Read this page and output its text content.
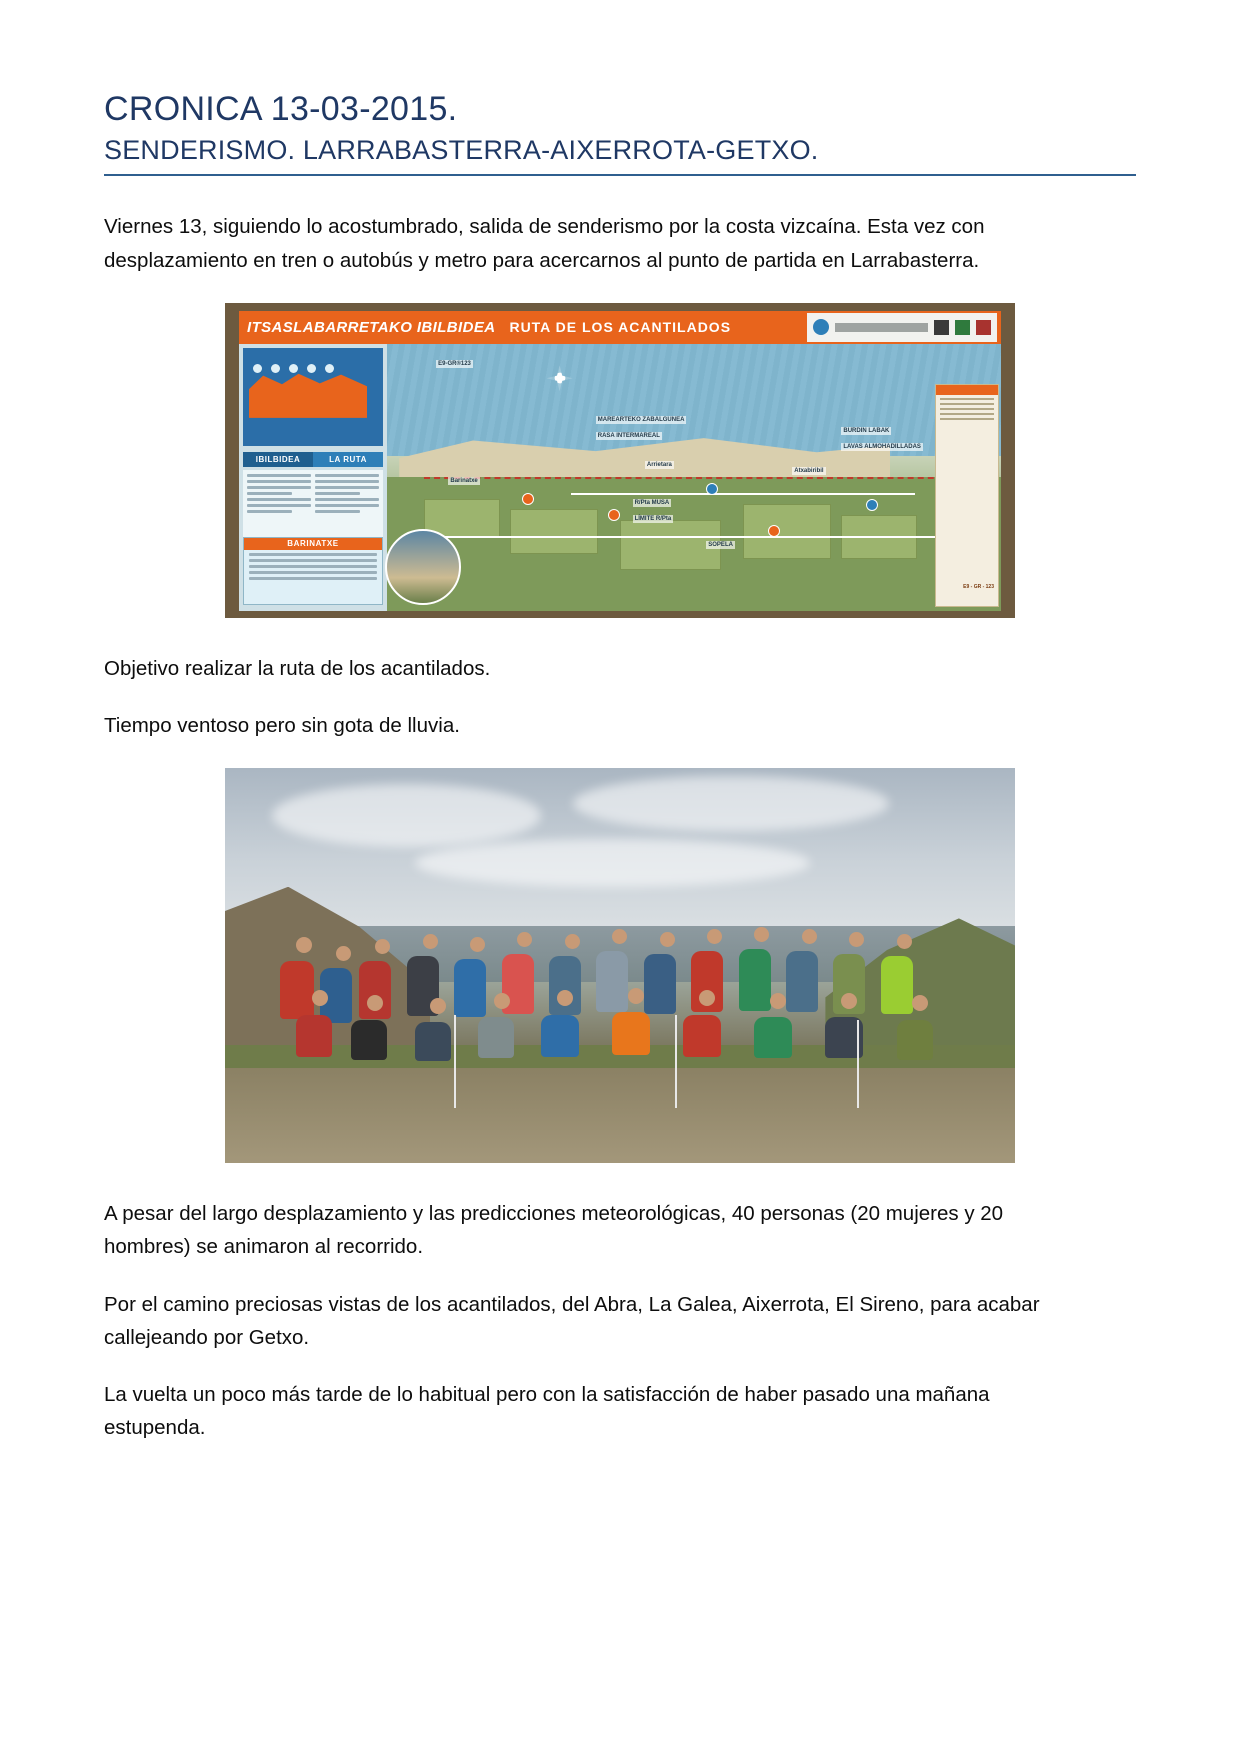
CRONICA 13-03-2015.
SENDERISMO. LARRABASTERRA-AIXERROTA-GETXO.

Viernes 13, siguiendo lo acostumbrado, salida de senderismo por la costa vizcaína. Esta vez con desplazamiento en tren o autobús y metro para acercarnos al punto de partida en Larrabasterra.

ITSASLABARRETAKO IBILBIDEA RUTA DE LOS ACANTILADOS
IBILBIDEA	LA RUTA
BARINATXE
MAREARTEKO ZABALGUNEA
RASA INTERMAREAL
BURDIN LABAK
LAVAS ALMOHADILLADAS
R/Pta MUSA
LÍMITE R/Pta
SOPELA
Barinatxe
Arrietara
Atxabiribil
E9-GR®123
E9 - GR - 123

Objetivo realizar la ruta de los acantilados.

Tiempo ventoso pero sin gota de lluvia.

A pesar del largo desplazamiento y las predicciones meteorológicas, 40 personas (20 mujeres y 20 hombres) se animaron al recorrido.

Por el camino preciosas vistas de los acantilados, del Abra, La Galea, Aixerrota, El Sireno, para acabar callejeando por Getxo.

La vuelta un poco más tarde de lo habitual pero con la satisfacción de haber pasado una mañana estupenda.
